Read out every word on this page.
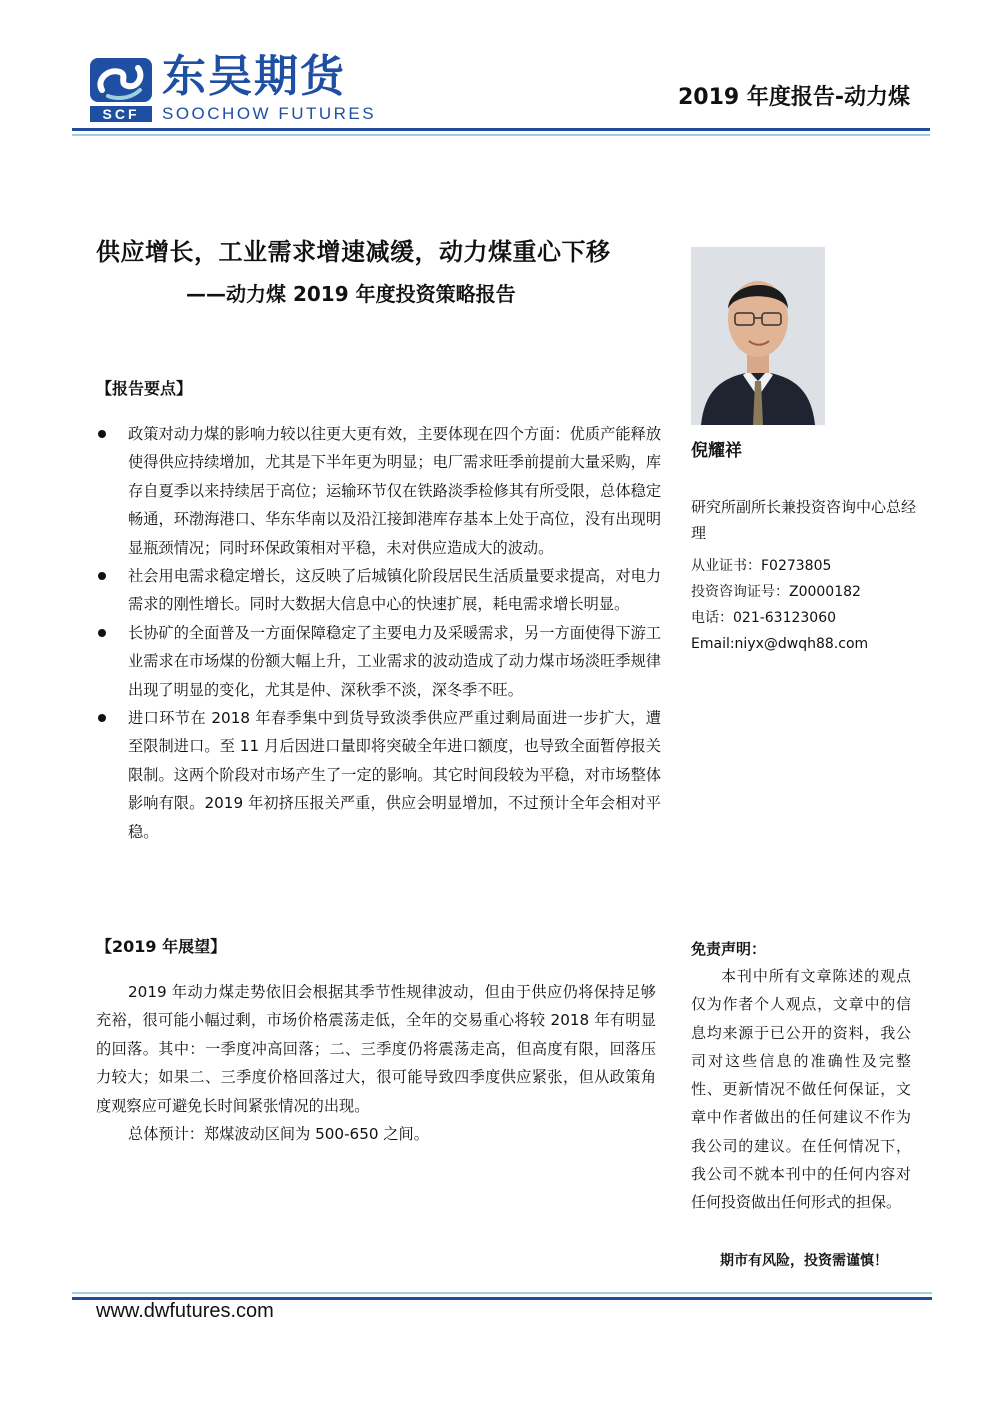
SCF
东吴期货
SOOCHOW FUTURES
2019 年度报告-动力煤
供应增长，工业需求增速减缓，动力煤重心下移
——动力煤 2019 年度投资策略报告
倪耀祥
研究所副所长兼投资咨询中心总经理
从业证书：F0273805
投资咨询证号：Z0000182
电话：021-63123060
Email:niyx@dwqh88.com
【报告要点】
政策对动力煤的影响力较以往更大更有效，主要体现在四个方面：优质产能释放使得供应持续增加，尤其是下半年更为明显；电厂需求旺季前提前大量采购，库存自夏季以来持续居于高位；运输环节仅在铁路淡季检修其有所受限，总体稳定畅通，环渤海港口、华东华南以及沿江接卸港库存基本上处于高位，没有出现明显瓶颈情况；同时环保政策相对平稳，未对供应造成大的波动。
社会用电需求稳定增长，这反映了后城镇化阶段居民生活质量要求提高，对电力需求的刚性增长。同时大数据大信息中心的快速扩展，耗电需求增长明显。
长协矿的全面普及一方面保障稳定了主要电力及采暖需求，另一方面使得下游工业需求在市场煤的份额大幅上升，工业需求的波动造成了动力煤市场淡旺季规律出现了明显的变化，尤其是仲、深秋季不淡，深冬季不旺。
进口环节在 2018 年春季集中到货导致淡季供应严重过剩局面进一步扩大，遭至限制进口。至 11 月后因进口量即将突破全年进口额度，也导致全面暂停报关限制。这两个阶段对市场产生了一定的影响。其它时间段较为平稳，对市场整体影响有限。2019 年初挤压报关严重，供应会明显增加，不过预计全年会相对平稳。
【2019 年展望】

2019 年动力煤走势依旧会根据其季节性规律波动，但由于供应仍将保持足够充裕，很可能小幅过剩，市场价格震荡走低，全年的交易重心将较 2018 年有明显的回落。其中：一季度冲高回落；二、三季度仍将震荡走高，但高度有限，回落压力较大；如果二、三季度价格回落过大，很可能导致四季度供应紧张，但从政策角度观察应可避免长时间紧张情况的出现。

总体预计：郑煤波动区间为 500-650 之间。

免责声明：
本刊中所有文章陈述的观点仅为作者个人观点，文章中的信息均来源于已公开的资料，我公司对这些信息的准确性及完整性、更新情况不做任何保证，文章中作者做出的任何建议不作为我公司的建议。在任何情况下，我公司不就本刊中的任何内容对任何投资做出任何形式的担保。
期市有风险，投资需谨慎！
www.dwfutures.com
